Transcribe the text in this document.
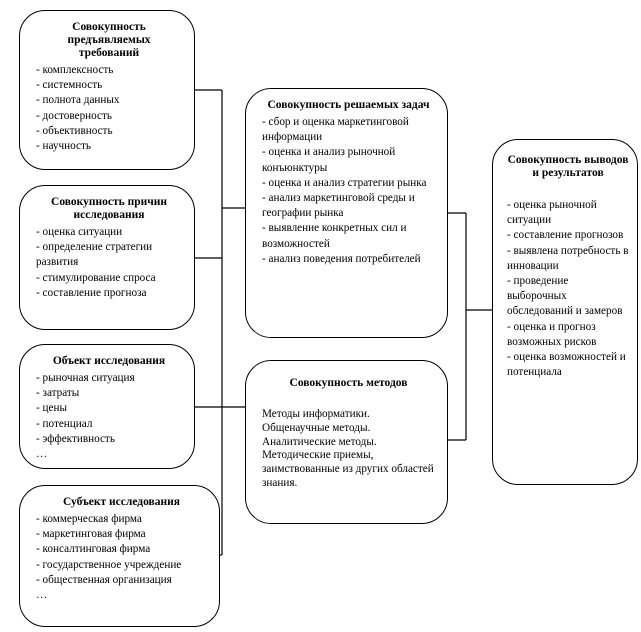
Совокупность предъявляемых требований
- комплексность
- системность
- полнота данных
- достоверность
- объективность
- научность
Совокупность причин исследования
- оценка ситуации
- определение стратегии развития
- стимулирование спроса
- составление прогноза
Объект исследования
- рыночная ситуация
- затраты
- цены
- потенциал
- эффективность
…
Субъект исследования
- коммерческая фирма
- маркетинговая фирма
- консалтинговая фирма
- государственное учреждение
- общественная организация
…
Совокупность решаемых задач
- сбор и оценка маркетинговой информации
- оценка и анализ рыночной конъюнктуры
- оценка и анализ стратегии рынка
- анализ маркетинговой среды и географии рынка
- выявление конкретных сил и возможностей
- анализ поведения потребителей
Совокупность методов
Методы информатики.
Общенаучные методы.
Аналитические методы.
Методические приемы, заимствованные из других областей знания.
Совокупность выводов и результатов
- оценка рыночной ситуации
- составление прогнозов
- выявлена потребность в инновации
- проведение выборочных обследований и замеров
- оценка и прогноз возможных рисков
- оценка возможностей и потенциала
